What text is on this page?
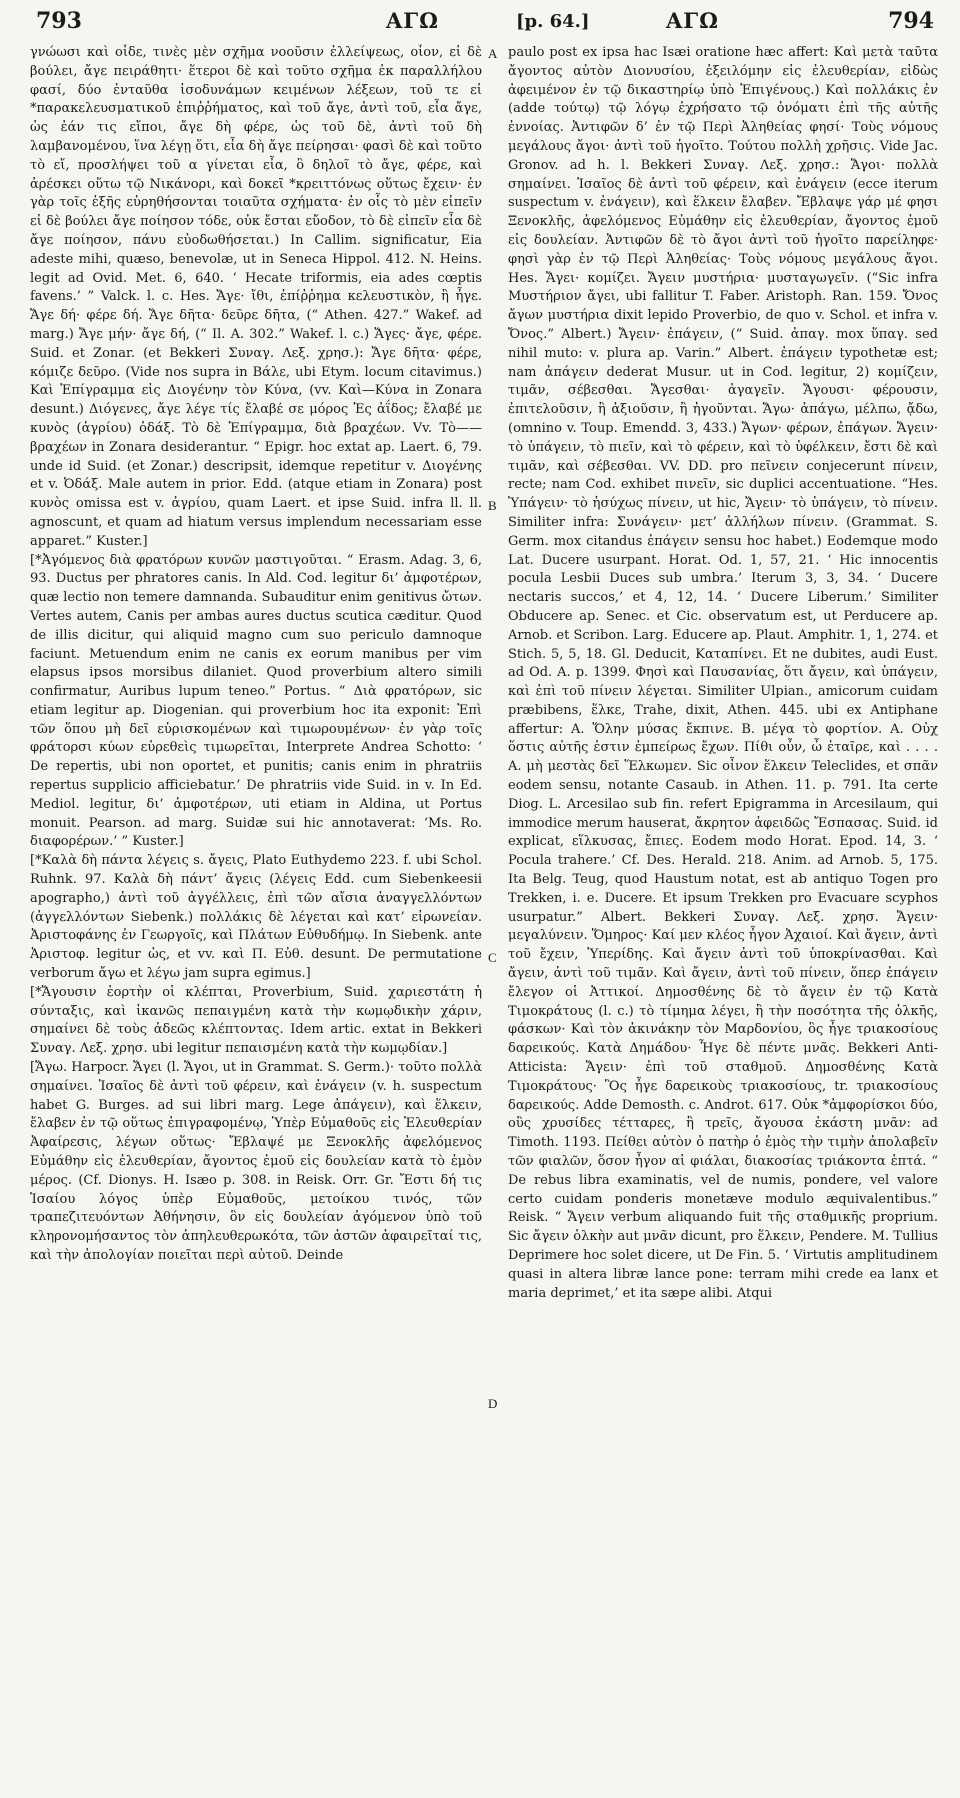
793	ΑΓΩ	[p. 64.]	ΑΓΩ	794

γνώωσι καὶ οἶδε, τινὲς μὲν σχῆμα νοοῦσιν ἐλλείψεως, οἷον, εἰ δὲ βούλει, ἄγε πειράθητι· ἕτεροι δὲ καὶ τοῦτο σχῆμα ἐκ παραλλήλου φασί, δύο ἐνταῦθα ἰσοδυνάμων κειμένων λέξεων, τοῦ τε εἰ *παρακελευσματικοῦ ἐπιῤῥήματος, καὶ τοῦ ἄγε, ἀντὶ τοῦ, εἶα ἄγε, ὡς ἐάν τις εἴποι, ἄγε δὴ φέρε, ὡς τοῦ δὲ, ἀντὶ τοῦ δὴ λαμβανομένου, ἵνα λέγῃ ὅτι, εἶα δὴ ἄγε πείρησαι· φασὶ δὲ καὶ τοῦτο τὸ εἴ, προσλήψει τοῦ α γίνεται εἶα, ὃ δηλοῖ τὸ ἄγε, φέρε, καὶ ἀρέσκει οὕτω τῷ Νικάνορι, καὶ δοκεῖ *κρειττόνως οὕτως ἔχειν· ἐν γὰρ τοῖς ἑξῆς εὑρηθήσονται τοιαῦτα σχήματα· ἐν οἷς τὸ μὲν εἰπεῖν εἰ δὲ βούλει ἄγε ποίησον τόδε, οὐκ ἔσται εὔοδον, τὸ δὲ εἰπεῖν εἶα δὲ ἄγε ποίησον, πάνυ εὐοδωθήσεται.) In Callim. significatur, Eia adeste mihi, quæso, benevolæ, ut in Seneca Hippol. 412. N. Heins. legit ad Ovid. Met. 6, 640. ‘ Hecate triformis, eia ades cœptis favens.’ ” Valck. l. c. Hes. Ἄγε· ἴθι, ἐπίῤῥημα κελευστικὸν, ἢ ἦγε. Ἄγε δή· φέρε δή. Ἄγε δῆτα· δεῦρε δῆτα, (“ Athen. 427.” Wakef. ad marg.) Ἄγε μήν· ἄγε δή, (“ Il. A. 302.” Wakef. l. c.) Ἄγες· ἄγε, φέρε. Suid. et Zonar. (et Bekkeri Συναγ. Λεξ. χρησ.): Ἄγε δῆτα· φέρε, κόμιζε δεῦρο. (Vide nos supra in Βάλε, ubi Etym. locum citavimus.) Καὶ Ἐπίγραμμα εἰς Διογένην τὸν Κύνα, (vv. Καὶ—Κύνα in Zonara desunt.) Διόγενες, ἄγε λέγε τίς ἔλαβέ σε μόρος Ἐς ἀΐδος; ἔλαβέ με κυνὸς (ἀγρίου) ὀδάξ. Τὸ δὲ Ἐπίγραμμα, διὰ βραχέων. Vv. Τὸ——βραχέων in Zonara desiderantur. “ Epigr. hoc extat ap. Laert. 6, 79. unde id Suid. (et Zonar.) descripsit, idemque repetitur v. Διογένης et v. Ὀδάξ. Male autem in prior. Edd. (atque etiam in Zonara) post κυνὸς omissa est v. ἀγρίου, quam Laert. et ipse Suid. infra ll. ll. agnoscunt, et quam ad hiatum versus implendum necessariam esse apparet.” Kuster.]

[*Ἀγόμενος διὰ φρατόρων κυνῶν μαστιγοῦται. “ Erasm. Adag. 3, 6, 93. Ductus per phratores canis. In Ald. Cod. legitur δι’ ἀμφοτέρων, quæ lectio non temere damnanda. Subauditur enim genitivus ὤτων. Vertes autem, Canis per ambas aures ductus scutica cæditur. Quod de illis dicitur, qui aliquid magno cum suo periculo damnoque faciunt. Metuendum enim ne canis ex eorum manibus per vim elapsus ipsos morsibus dilaniet. Quod proverbium altero simili confirmatur, Auribus lupum teneo.” Portus. “ Διὰ φρατόρων, sic etiam legitur ap. Diogenian. qui proverbium hoc ita exponit: Ἐπὶ τῶν ὅπου μὴ δεῖ εὑρισκομένων καὶ τιμωρουμένων· ἐν γὰρ τοῖς φράτορσι κύων εὑρεθεὶς τιμωρεῖται, Interprete Andrea Schotto: ‘ De repertis, ubi non oportet, et punitis; canis enim in phratriis repertus supplicio afficiebatur.’ De phratriis vide Suid. in v. In Ed. Mediol. legitur, δι’ ἀμφοτέρων, uti etiam in Aldina, ut Portus monuit. Pearson. ad marg. Suidæ sui hic annotaverat: ‘Ms. Ro. διαφορέρων.’ ” Kuster.]

[*Καλὰ δὴ πάντα λέγεις s. ἄγεις, Plato Euthydemo 223. f. ubi Schol. Ruhnk. 97. Καλὰ δὴ πάντ’ ἄγεις (λέγεις Edd. cum Siebenkeesii apographo,) ἀντὶ τοῦ ἀγγέλλεις, ἐπὶ τῶν αἴσια ἀναγγελλόντων (ἀγγελλόντων Siebenk.) πολλάκις δὲ λέγεται καὶ κατ’ εἰρωνείαν. Ἀριστοφάνης ἐν Γεωργοῖς, καὶ Πλάτων Εὐθυδήμῳ. In Siebenk. ante Ἀριστοφ. legitur ὡς, et vv. καὶ Π. Εὐθ. desunt. De permutatione verborum ἄγω et λέγω jam supra egimus.]

[*Ἄγουσιν ἑορτὴν οἱ κλέπται, Proverbium, Suid. χαριεστάτη ἡ σύνταξις, καὶ ἱκανῶς πεπαιγμένη κατὰ τὴν κωμῳδικὴν χάριν, σημαίνει δὲ τοὺς ἀδεῶς κλέπτοντας. Idem artic. extat in Bekkeri Συναγ. Λεξ. χρησ. ubi legitur πεπαισμένη κατὰ τὴν κωμῳδίαν.]

[Ἄγω. Harpocr. Ἄγει (l. Ἄγοι, ut in Grammat. S. Germ.)· τοῦτο πολλὰ σημαίνει. Ἰσαῖος δὲ ἀντὶ τοῦ φέρειν, καὶ ἐνάγειν (v. h. suspectum habet G. Burges. ad sui libri marg. Lege ἀπάγειν), καὶ ἕλκειν, ἔλαβεν ἐν τῷ οὕτως ἐπιγραφομένῳ, Ὑπὲρ Εὐμαθοῦς εἰς Ἐλευθερίαν Ἀφαίρεσις, λέγων οὕτως· Ἔβλαψέ με Ξενοκλῆς ἀφελόμενος Εὐμάθην εἰς ἐλευθερίαν, ἄγοντος ἐμοῦ εἰς δουλείαν κατὰ τὸ ἐμὸν μέρος. (Cf. Dionys. H. Isæo p. 308. in Reisk. Orr. Gr. Ἔστι δή τις Ἰσαίου λόγος ὑπὲρ Εὐμαθοῦς, μετοίκου τινός, τῶν τραπεζιτευόντων Ἀθήνησιν, ὃν εἰς δουλείαν ἀγόμενον ὑπὸ τοῦ κληρονομήσαντος τὸν ἀπηλευθερωκότα, τῶν ἀστῶν ἀφαιρεῖταί τις, καὶ τὴν ἀπολογίαν ποιεῖται περὶ αὐτοῦ. Deinde

A
B
C
D

paulo post ex ipsa hac Isæi oratione hæc affert: Καὶ μετὰ ταῦτα ἄγοντος αὐτὸν Διονυσίου, ἐξειλόμην εἰς ἐλευθερίαν, εἰδὼς ἀφειμένον ἐν τῷ δικαστηρίῳ ὑπὸ Ἐπιγένους.) Καὶ πολλάκις ἐν (adde τούτῳ) τῷ λόγῳ ἐχρήσατο τῷ ὀνόματι ἐπὶ τῆς αὐτῆς ἐννοίας. Ἀντιφῶν δ’ ἐν τῷ Περὶ Ἀληθείας φησί· Τοὺς νόμους μεγάλους ἄγοι· ἀντὶ τοῦ ἡγοῖτο. Τούτου πολλὴ χρῆσις. Vide Jac. Gronov. ad h. l. Bekkeri Συναγ. Λεξ. χρησ.: Ἄγοι· πολλὰ σημαίνει. Ἰσαῖος δὲ ἀντὶ τοῦ φέρειν, καὶ ἐνάγειν (ecce iterum suspectum v. ἐνάγειν), καὶ ἕλκειν ἔλαβεν. Ἔβλαψε γάρ μέ φησι Ξενοκλῆς, ἀφελόμενος Εὐμάθην εἰς ἐλευθερίαν, ἄγοντος ἐμοῦ εἰς δουλείαν. Ἀντιφῶν δὲ τὸ ἄγοι ἀντὶ τοῦ ἡγοῖτο παρείληφε· φησὶ γὰρ ἐν τῷ Περὶ Ἀληθείας· Τοὺς νόμους μεγάλους ἄγοι. Hes. Ἄγει· κομίζει. Ἄγειν μυστήρια· μυσταγωγεῖν. (“Sic infra Μυστήριον ἄγει, ubi fallitur T. Faber. Aristoph. Ran. 159. Ὄνος ἄγων μυστήρια dixit lepido Proverbio, de quo v. Schol. et infra v. Ὄνος.” Albert.) Ἄγειν· ἐπάγειν, (“ Suid. ἀπαγ. mox ὕπαγ. sed nihil muto: v. plura ap. Varin.” Albert. ἐπάγειν typothetæ est; nam ἀπάγειν dederat Musur. ut in Cod. legitur, 2) κομίζειν, τιμᾶν, σέβεσθαι. Ἄγεσθαι· ἀγαγεῖν. Ἄγουσι· φέρουσιν, ἐπιτελοῦσιν, ἢ ἀξιοῦσιν, ἢ ἡγοῦνται. Ἄγω· ἀπάγω, μέλπω, ᾄδω, (omnino v. Toup. Emendd. 3, 433.) Ἄγων· φέρων, ἐπάγων. Ἄγειν· τὸ ὑπάγειν, τὸ πιεῖν, καὶ τὸ φέρειν, καὶ τὸ ὑφέλκειν, ἔστι δὲ καὶ τιμᾶν, καὶ σέβεσθαι. VV. DD. pro πεῖνειν conjecerunt πίνειν, recte; nam Cod. exhibet πινεῖν, sic duplici accentuatione. “Hes. Ὑπάγειν· τὸ ἡσύχως πίνειν, ut hic, Ἄγειν· τὸ ὑπάγειν, τὸ πίνειν. Similiter infra: Συνάγειν· μετ’ ἀλλήλων πίνειν. (Grammat. S. Germ. mox citandus ἐπάγειν sensu hoc habet.) Eodemque modo Lat. Ducere usurpant. Horat. Od. 1, 57, 21. ‘ Hic innocentis pocula Lesbii Duces sub umbra.’ Iterum 3, 3, 34. ‘ Ducere nectaris succos,’ et 4, 12, 14. ‘ Ducere Liberum.’ Similiter Obducere ap. Senec. et Cic. observatum est, ut Perducere ap. Arnob. et Scribon. Larg. Educere ap. Plaut. Amphitr. 1, 1, 274. et Stich. 5, 5, 18. Gl. Deducit, Καταπίνει. Et ne dubites, audi Eust. ad Od. A. p. 1399. Φησὶ καὶ Παυσανίας, ὅτι ἄγειν, καὶ ὑπάγειν, καὶ ἐπὶ τοῦ πίνειν λέγεται. Similiter Ulpian., amicorum cuidam præbibens, ἕλκε, Trahe, dixit, Athen. 445. ubi ex Antiphane affertur: A. Ὅλην μύσας ἔκπινε. B. μέγα τὸ φορτίον. A. Οὐχ ὅστις αὐτῆς ἐστιν ἐμπείρως ἔχων. Πίθι οὖν, ὦ ἐταῖρε, καὶ . . . . A. μὴ μεστὰς δεῖ Ἕλκωμεν. Sic οἶνον ἕλκειν Teleclides, et σπᾶν eodem sensu, notante Casaub. in Athen. 11. p. 791. Ita certe Diog. L. Arcesilao sub fin. refert Epigramma in Arcesilaum, qui immodice merum hauserat, ἄκρητον ἀφειδῶς Ἔσπασας. Suid. id explicat, εἵλκυσας, ἔπιες. Eodem modo Horat. Epod. 14, 3. ‘ Pocula trahere.’ Cf. Des. Herald. 218. Anim. ad Arnob. 5, 175. Ita Belg. Teug, quod Haustum notat, est ab antiquo Togen pro Trekken, i. e. Ducere. Et ipsum Trekken pro Evacuare scyphos usurpatur.” Albert. Bekkeri Συναγ. Λεξ. χρησ. Ἄγειν· μεγαλύνειν. Ὅμηρος· Καί μεν κλέος ἦγον Ἀχαιοί. Καὶ ἄγειν, ἀντὶ τοῦ ἔχειν, Ὑπερίδης. Καὶ ἄγειν ἀντὶ τοῦ ὑποκρίνασθαι. Καὶ ἄγειν, ἀντὶ τοῦ τιμᾶν. Καὶ ἄγειν, ἀντὶ τοῦ πίνειν, ὅπερ ἐπάγειν ἔλεγον οἱ Ἀττικοί. Δημοσθένης δὲ τὸ ἄγειν ἐν τῷ Κατὰ Τιμοκράτους (l. c.) τὸ τίμημα λέγει, ἢ τὴν ποσότητα τῆς ὁλκῆς, φάσκων· Καὶ τὸν ἀκινάκην τὸν Μαρδονίου, ὃς ἦγε τριακοσίους δαρεικούς. Κατὰ Δημάδου· Ἦγε δὲ πέντε μνᾶς. Bekkeri Anti-Atticista: Ἄγειν· ἐπὶ τοῦ σταθμοῦ. Δημοσθένης Κατὰ Τιμοκράτους· Ὃς ἦγε δαρεικοὺς τριακοσίους, tr. τριακοσίους δαρεικούς. Adde Demosth. c. Androt. 617. Οὐκ *ἀμφορίσκοι δύο, οὓς χρυσίδες τέτταρες, ἢ τρεῖς, ἄγουσα ἑκάστη μνᾶν: ad Timoth. 1193. Πείθει αὐτὸν ὁ πατὴρ ὁ ἐμὸς τὴν τιμὴν ἀπολαβεῖν τῶν φιαλῶν, ὅσον ἦγον αἱ φιάλαι, διακοσίας τριάκοντα ἑπτά. “ De rebus libra examinatis, vel de numis, pondere, vel valore certo cuidam ponderis monetæve modulo æquivalentibus.” Reisk. “ Ἄγειν verbum aliquando fuit τῆς σταθμικῆς proprium. Sic ἄγειν ὁλκὴν aut μνᾶν dicunt, pro ἕλκειν, Pendere. M. Tullius Deprimere hoc solet dicere, ut De Fin. 5. ‘ Virtutis amplitudinem quasi in altera libræ lance pone: terram mihi crede ea lanx et maria deprimet,’ et ita sæpe alibi. Atqui
